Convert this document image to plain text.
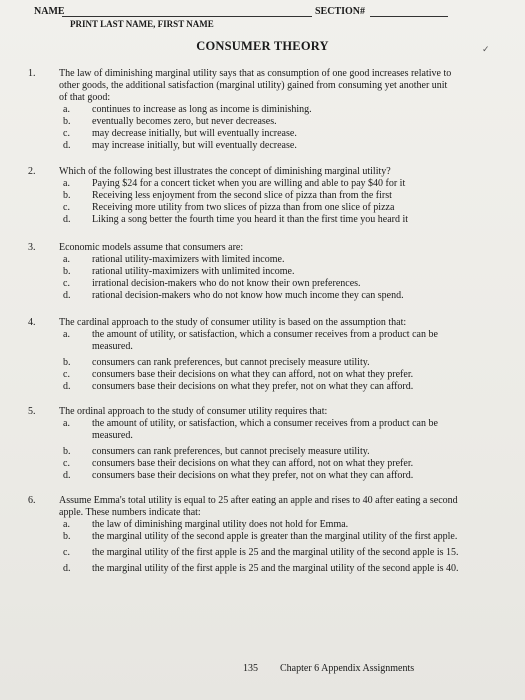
NAME	SECTION#
PRINT LAST NAME, FIRST NAME
CONSUMER THEORY	✓
1. The law of diminishing marginal utility says that as consumption of one good increases relative to other goods, the additional satisfaction (marginal utility) gained from consuming yet another unit of that good:
a. continues to increase as long as income is diminishing.
b. eventually becomes zero, but never decreases.
c. may decrease initially, but will eventually increase.
d. may increase initially, but will eventually decrease.
2. Which of the following best illustrates the concept of diminishing marginal utility?
a. Paying $24 for a concert ticket when you are willing and able to pay $40 for it
b. Receiving less enjoyment from the second slice of pizza than from the first
c. Receiving more utility from two slices of pizza than from one slice of pizza
d. Liking a song better the fourth time you heard it than the first time you heard it
3. Economic models assume that consumers are:
a. rational utility-maximizers with limited income.
b. rational utility-maximizers with unlimited income.
c. irrational decision-makers who do not know their own preferences.
d. rational decision-makers who do not know how much income they can spend.
4. The cardinal approach to the study of consumer utility is based on the assumption that:
a. the amount of utility, or satisfaction, which a consumer receives from a product can be measured.
b. consumers can rank preferences, but cannot precisely measure utility.
c. consumers base their decisions on what they can afford, not on what they prefer.
d. consumers base their decisions on what they prefer, not on what they can afford.
5. The ordinal approach to the study of consumer utility requires that:
a. the amount of utility, or satisfaction, which a consumer receives from a product can be measured.
b. consumers can rank preferences, but cannot precisely measure utility.
c. consumers base their decisions on what they can afford, not on what they prefer.
d. consumers base their decisions on what they prefer, not on what they can afford.
6. Assume Emma's total utility is equal to 25 after eating an apple and rises to 40 after eating a second apple. These numbers indicate that:
a. the law of diminishing marginal utility does not hold for Emma.
b. the marginal utility of the second apple is greater than the marginal utility of the first apple.
c. the marginal utility of the first apple is 25 and the marginal utility of the second apple is 15.
d. the marginal utility of the first apple is 25 and the marginal utility of the second apple is 40.
135 Chapter 6 Appendix Assignments
